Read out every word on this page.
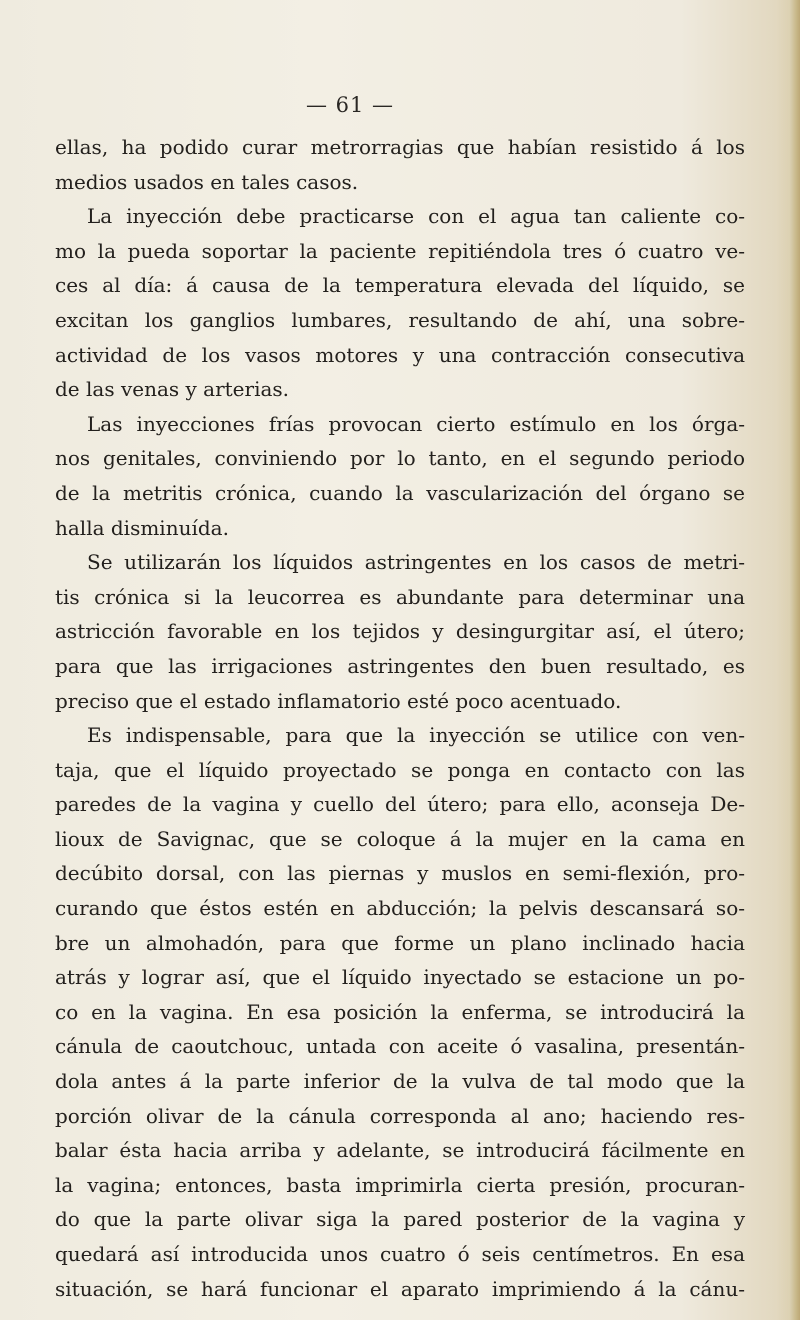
— 61 —
ellas, ha podido curar metrorragias que habían resistido á los
medios usados en tales casos.
La inyección debe practicarse con el agua tan caliente co-
mo la pueda soportar la paciente repitiéndola tres ó cuatro ve-
ces al día: á causa de la temperatura elevada del líquido, se
excitan los ganglios lumbares, resultando de ahí, una sobre-
actividad de los vasos motores y una contracción consecutiva
de las venas y arterias.
Las inyecciones frías provocan cierto estímulo en los órga-
nos genitales, conviniendo por lo tanto, en el segundo periodo
de la metritis crónica, cuando la vascularización del órgano se
halla disminuída.
Se utilizarán los líquidos astringentes en los casos de metri-
tis crónica si la leucorrea es abundante para determinar una
astricción favorable en los tejidos y desingurgitar así, el útero;
para que las irrigaciones astringentes den buen resultado, es
preciso que el estado inflamatorio esté poco acentuado.
Es indispensable, para que la inyección se utilice con ven-
taja, que el líquido proyectado se ponga en contacto con las
paredes de la vagina y cuello del útero; para ello, aconseja De-
lioux de Savignac, que se coloque á la mujer en la cama en
decúbito dorsal, con las piernas y muslos en semi-flexión, pro-
curando que éstos estén en abducción; la pelvis descansará so-
bre un almohadón, para que forme un plano inclinado hacia
atrás y lograr así, que el líquido inyectado se estacione un po-
co en la vagina. En esa posición la enferma, se introducirá la
cánula de caoutchouc, untada con aceite ó vasalina, presentán-
dola antes á la parte inferior de la vulva de tal modo que la
porción olivar de la cánula corresponda al ano; haciendo res-
balar ésta hacia arriba y adelante, se introducirá fácilmente en
la vagina; entonces, basta imprimirla cierta presión, procuran-
do que la parte olivar siga la pared posterior de la vagina y
quedará así introducida unos cuatro ó seis centímetros. En esa
situación, se hará funcionar el aparato imprimiendo á la cánu-
